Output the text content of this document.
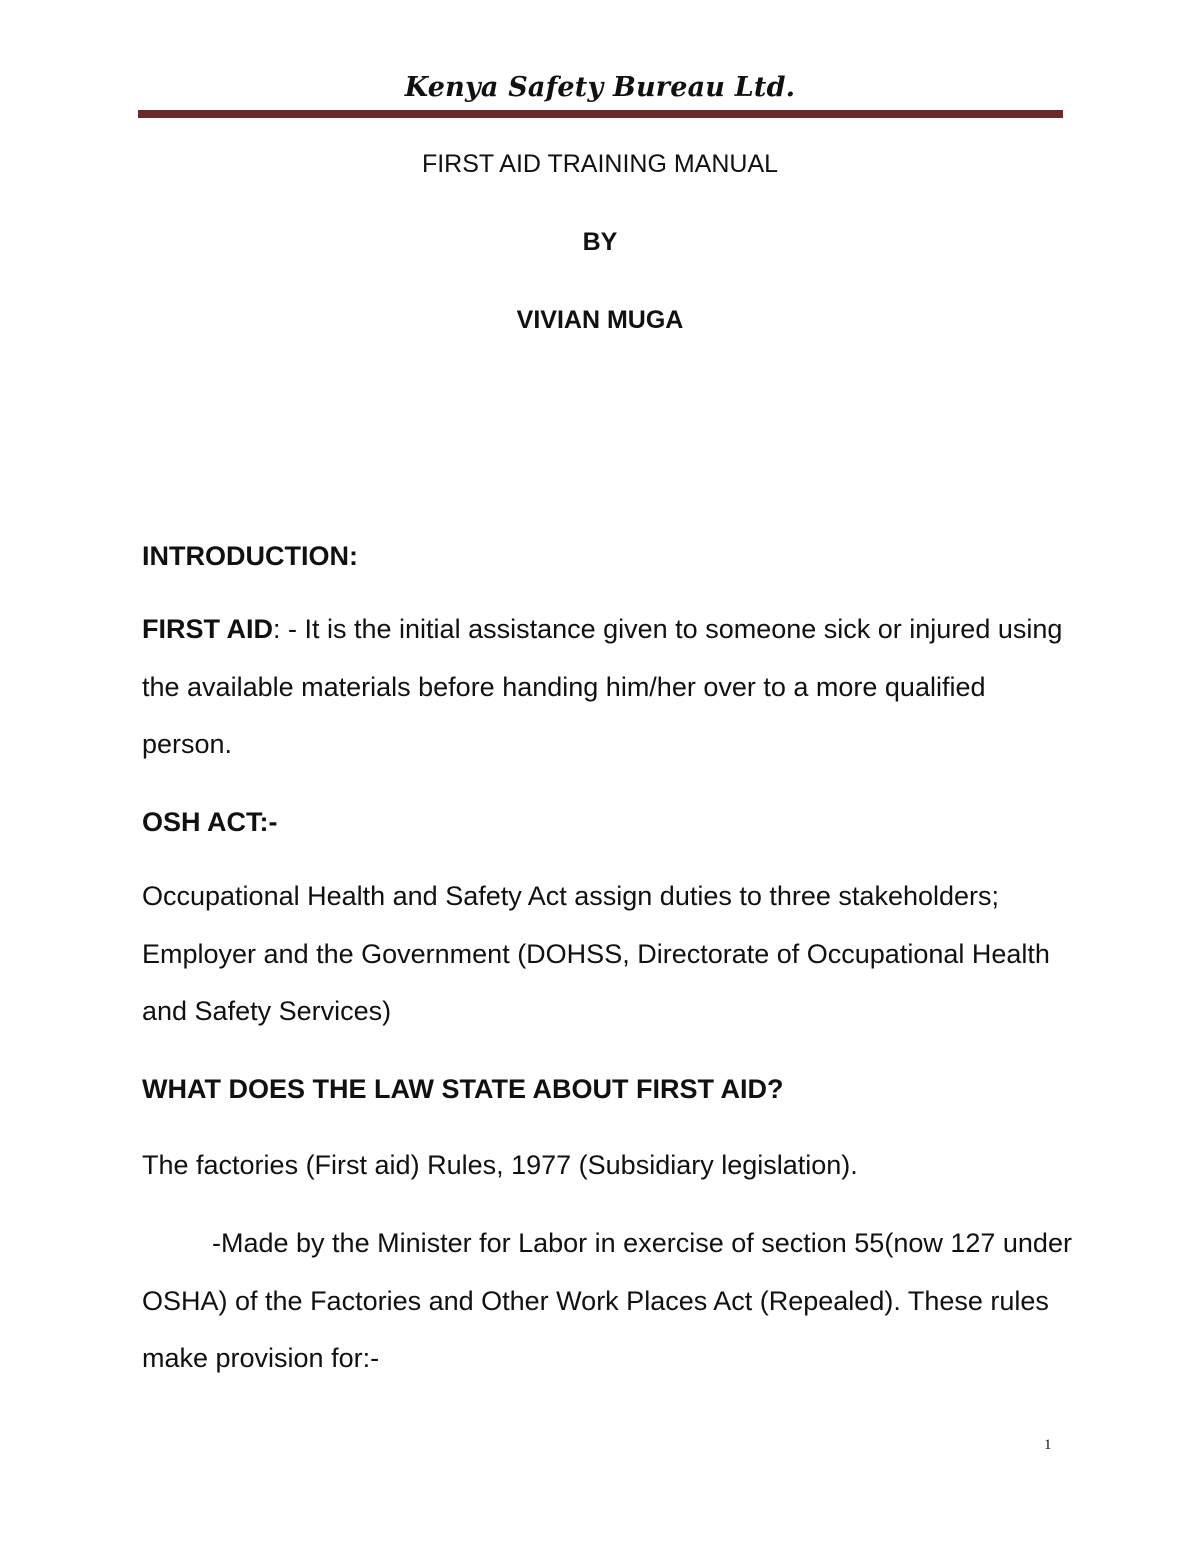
Kenya Safety Bureau Ltd.
FIRST AID TRAINING MANUAL
BY
VIVIAN MUGA
INTRODUCTION:
FIRST AID: - It is the initial assistance given to someone sick or injured using the available materials before handing him/her over to a more qualified person.
OSH ACT:-
Occupational Health and Safety Act assign duties to three stakeholders; Employer and the Government (DOHSS, Directorate of Occupational Health and Safety Services)
WHAT DOES THE LAW STATE ABOUT FIRST AID?
The factories (First aid) Rules, 1977 (Subsidiary legislation).
-Made by the Minister for Labor in exercise of section 55(now 127 under OSHA) of the Factories and Other Work Places Act (Repealed). These rules make provision for:-
1
